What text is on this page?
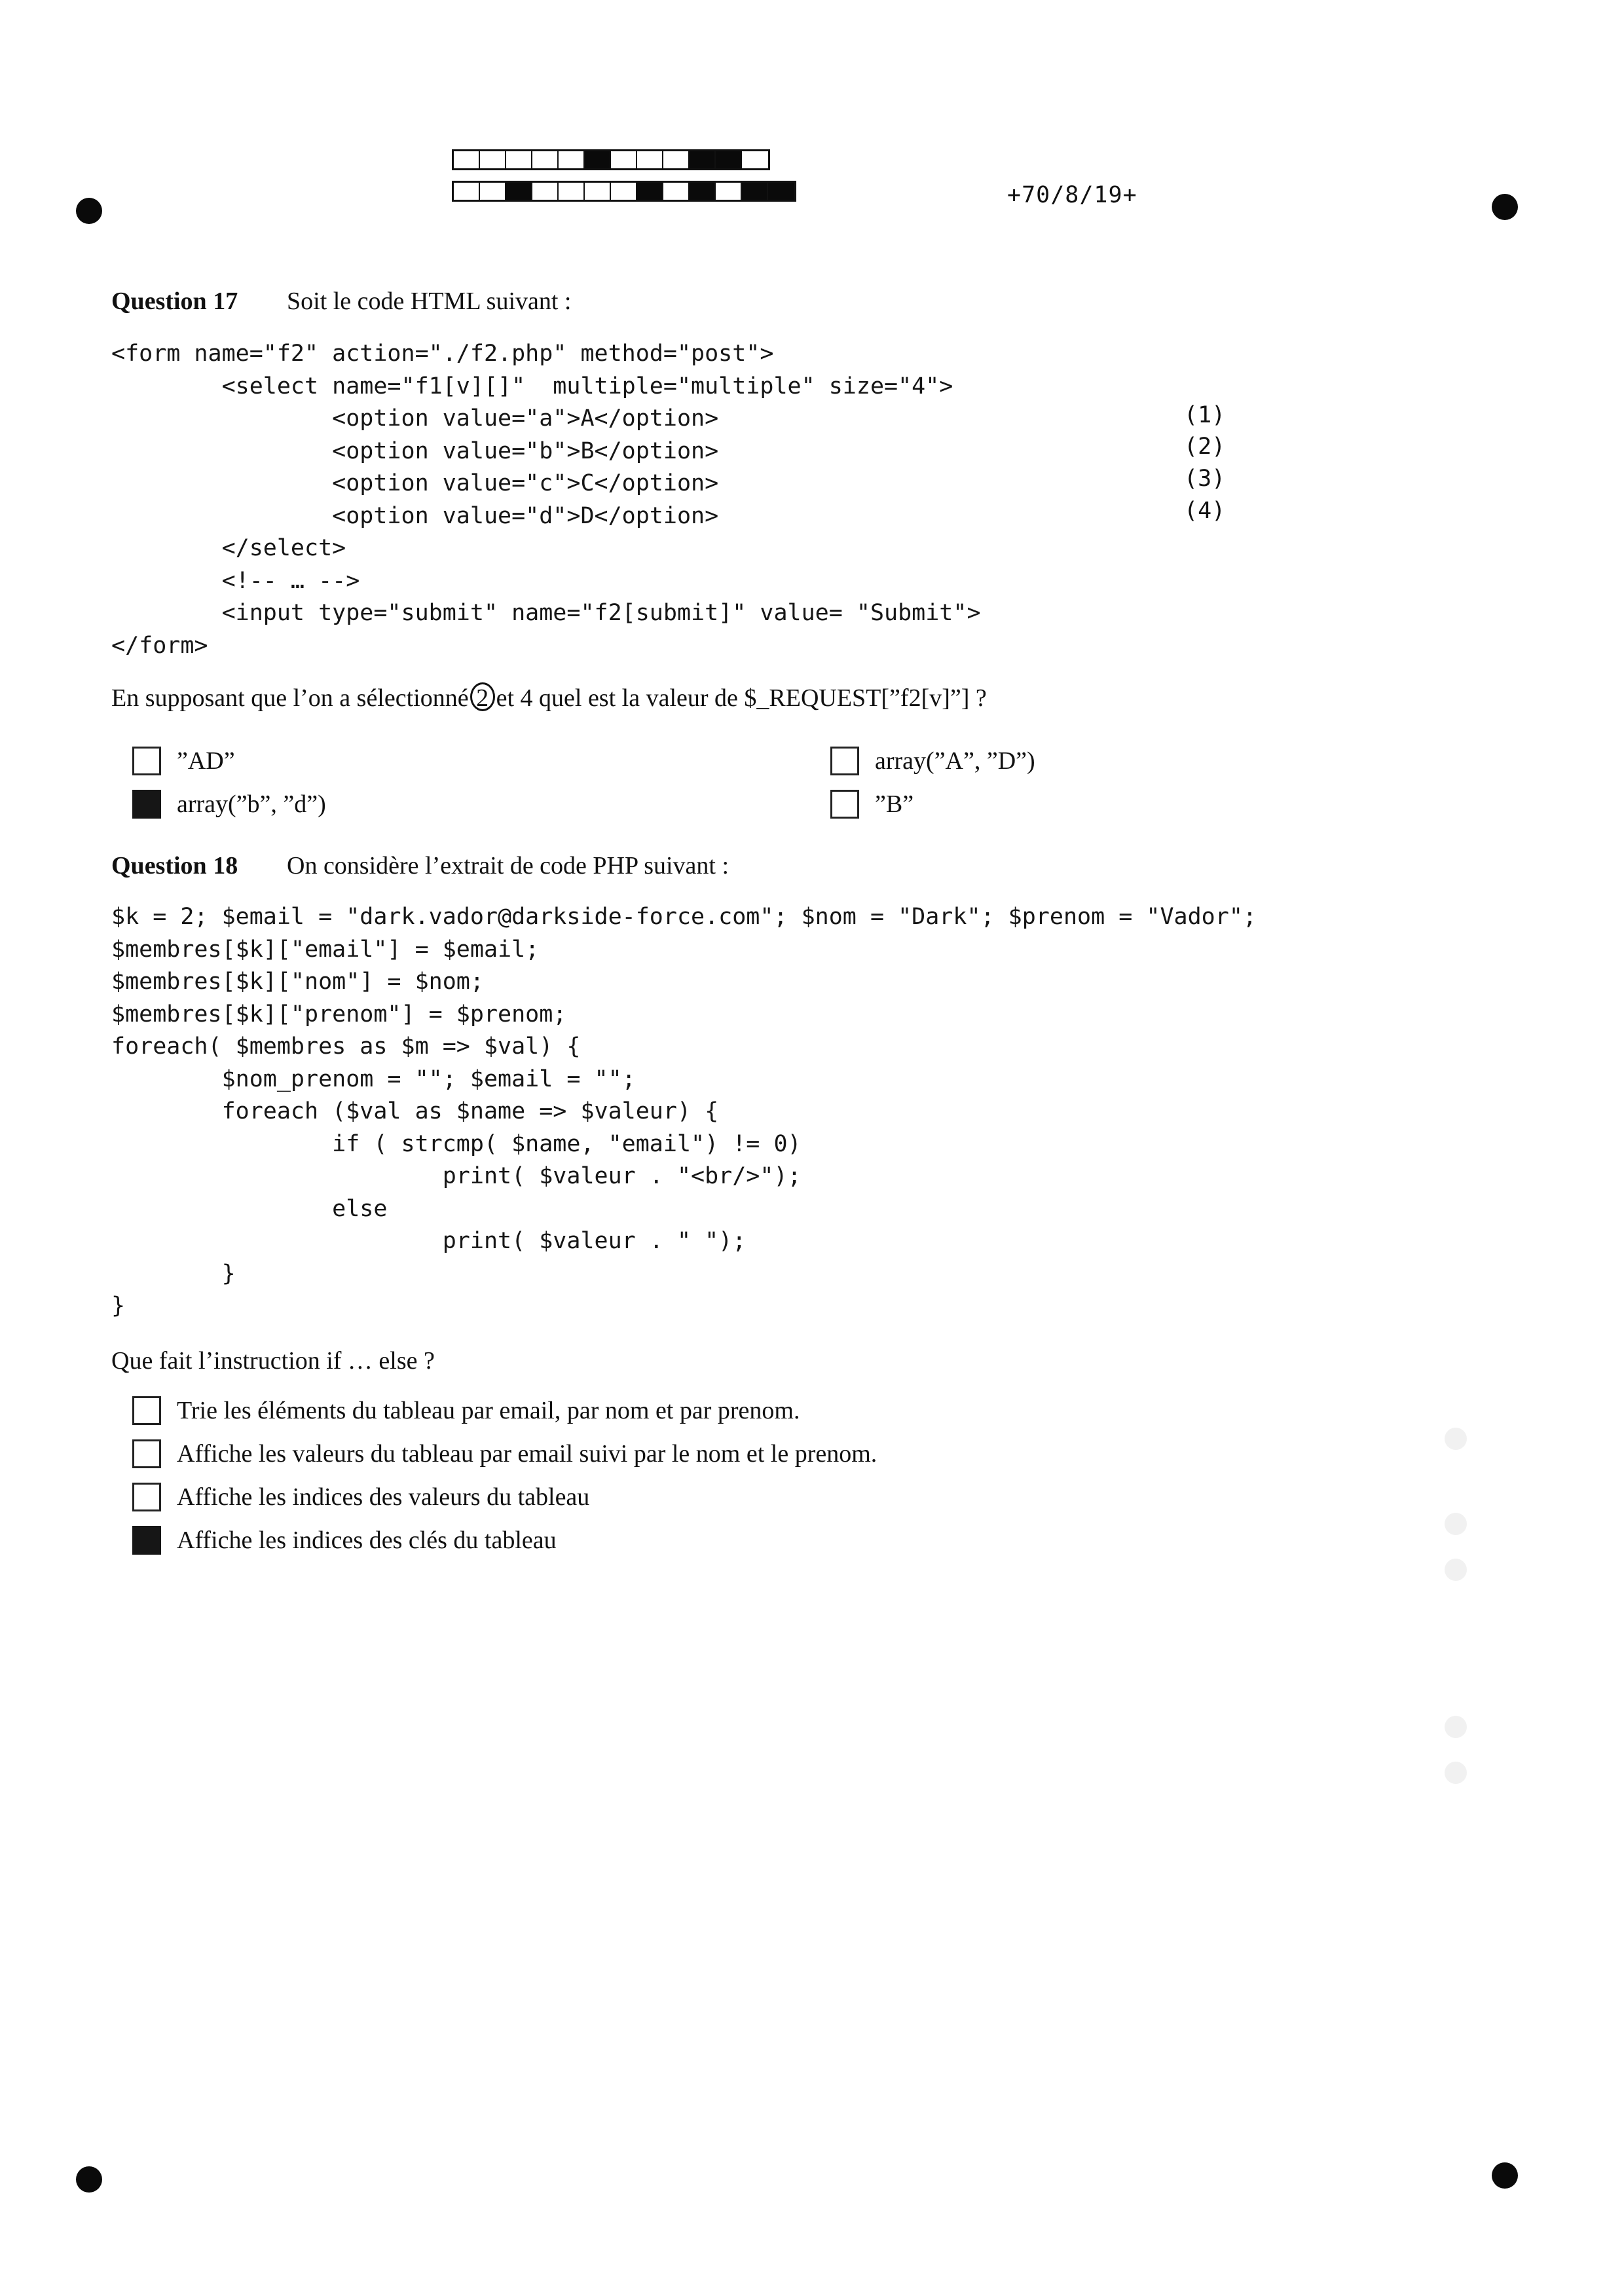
+70/8/19+
Question 17	Soit le code HTML suivant :
<form name="f2" action="./f2.php" method="post">
<select name="f1[v][]"  multiple="multiple" size="4">
<option value="a">A</option>
<option value="b">B</option>
<option value="c">C</option>
<option value="d">D</option>
</select>
<!-- … -->
<input type="submit" name="f2[submit]" value= "Submit">
</form>
(1)
(2)
(3)
(4)
En supposant que l’on a sélectionné 2 et 4 quel est la valeur de $_REQUEST[”f2[v]”] ?
”AD”	array(”A”, ”D”)
array(”b”, ”d”)	”B”
Question 18	On considère l’extrait de code PHP suivant :
$k = 2; $email = "dark.vador@darkside-force.com"; $nom = "Dark"; $prenom = "Vador";
$membres[$k]["email"] = $email;
$membres[$k]["nom"] = $nom;
$membres[$k]["prenom"] = $prenom;
foreach( $membres as $m => $val) {
$nom_prenom = ""; $email = "";
foreach ($val as $name => $valeur) {
if ( strcmp( $name, "email") != 0)
print( $valeur . "<br/>");
else
print( $valeur . " ");
}
}
Que fait l’instruction if … else ?
Trie les éléments du tableau par email, par nom et par prenom.
Affiche les valeurs du tableau par email suivi par le nom et le prenom.
Affiche les indices des valeurs du tableau
Affiche les indices des clés du tableau
